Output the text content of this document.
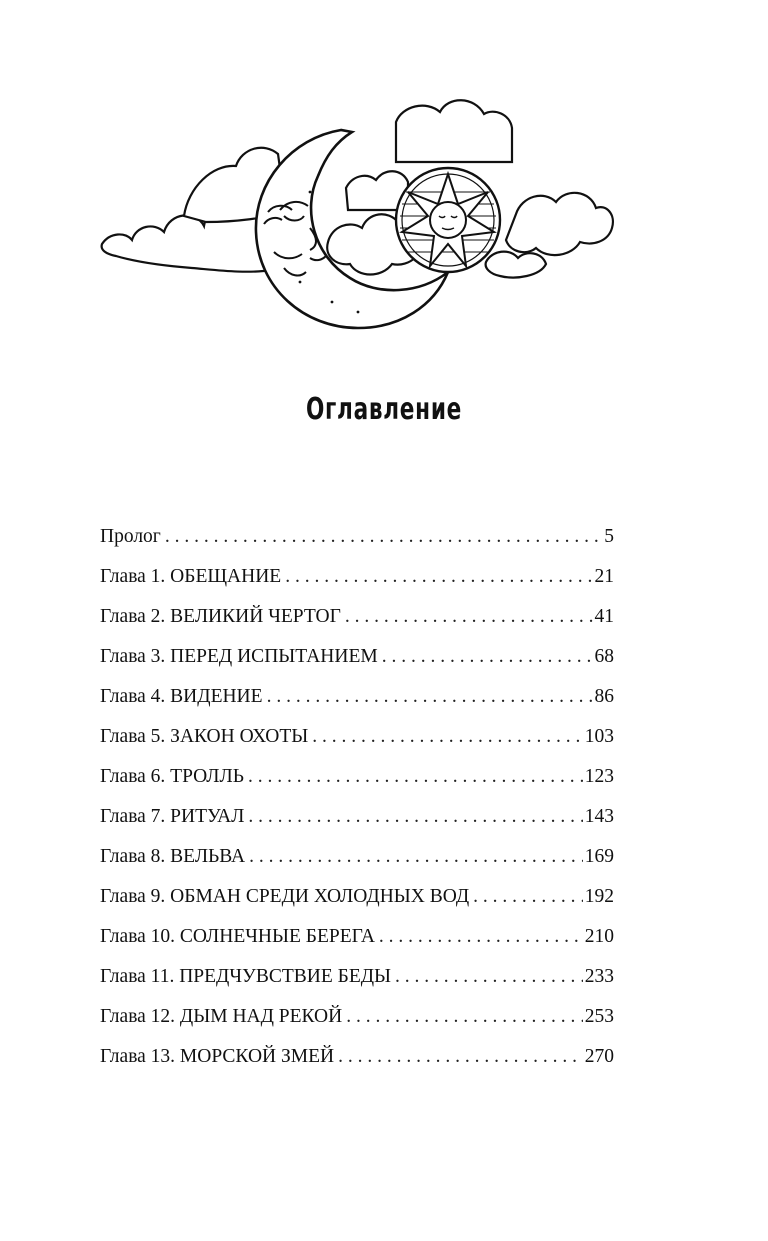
Оглавление
Пролог . . .	5
Глава 1. ОБЕЩАНИЕ . . .	21
Глава 2. ВЕЛИКИЙ ЧЕРТОГ . . .	41
Глава 3. ПЕРЕД ИСПЫТАНИЕМ . . .	68
Глава 4. ВИДЕНИЕ . . .	86
Глава 5. ЗАКОН ОХОТЫ . . .	103
Глава 6. ТРОЛЛЬ . . .	123
Глава 7. РИТУАЛ . . .	143
Глава 8. ВЕЛЬВА . . .	169
Глава 9. ОБМАН СРЕДИ ХОЛОДНЫХ ВОД . . .	192
Глава 10. СОЛНЕЧНЫЕ БЕРЕГА . . .	210
Глава 11. ПРЕДЧУВСТВИЕ БЕДЫ . . .	233
Глава 12. ДЫМ НАД РЕКОЙ . . .	253
Глава 13. МОРСКОЙ ЗМЕЙ . . .	270
